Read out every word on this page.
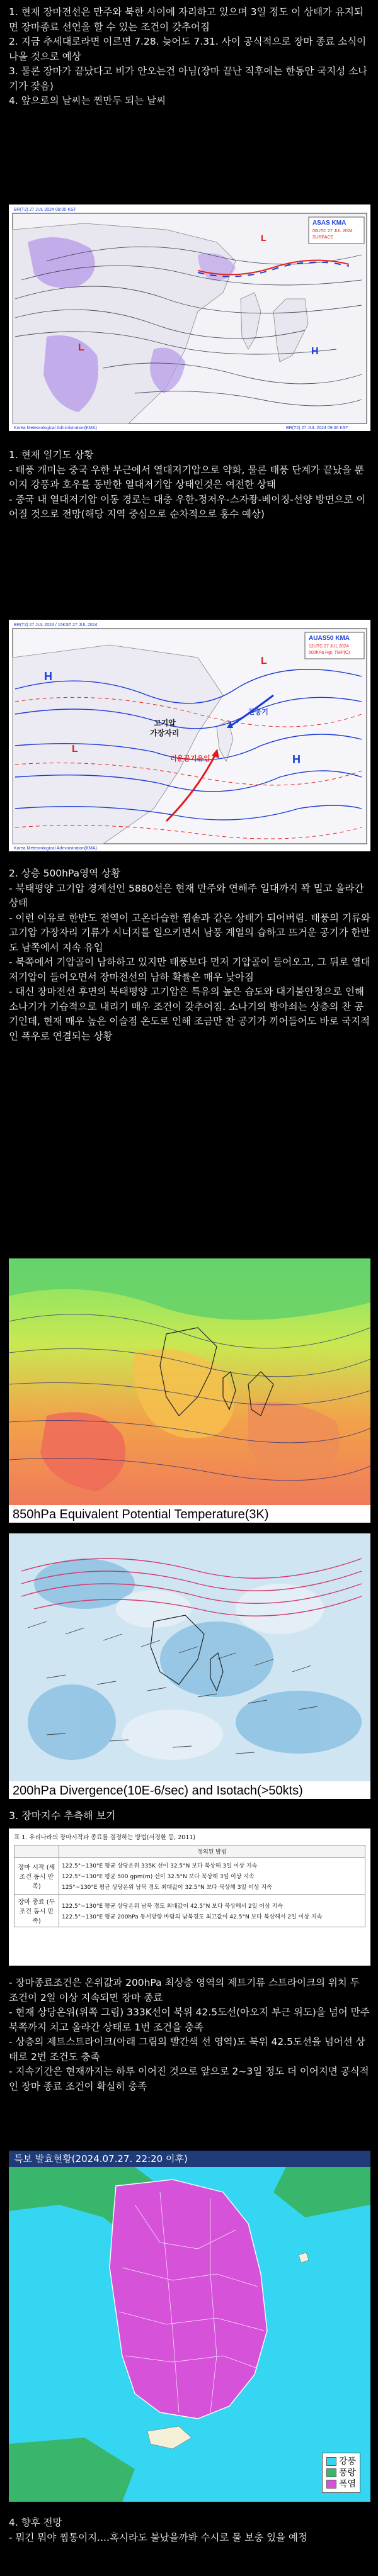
1. 현재 장마전선은 만주와 북한 사이에 자리하고 있으며 3일 정도 이 상태가 유지되면 장마종료 선언을 할 수 있는 조건이 갖추어짐

2. 지금 추세대로라면 이르면 7.28. 늦어도 7.31. 사이 공식적으로 장마 종료 소식이 나올 것으로 예상

3. 물론 장마가 끝났다고 비가 안오는건 아님(장마 끝난 직후에는 한동안 국지성 소나기가 잦음)

4. 앞으로의 날씨는 찐만두 되는 날씨

L	H
L
BR(T2) 27 JUL 2024 09:00 KST
Korea Meteorological Administration(KMA)	BR(T2) 27 JUL 2024 09:00 KST
ASAS KMA
00UTC 27 JUL 2024
SURFACE

1. 현재 일기도 상황

- 태풍 개미는 중국 우한 부근에서 열대저기압으로 약화, 물론 태풍 단계가 끝났을 뿐이지 강풍과 호우를 동반한 열대저기압 상태인것은 여전한 상태

- 중국 내 열대저기압 이동 경로는 대충 우한-정저우-스자좡-베이징-선양 방면으로 이어질 것으로 전망(해당 지역 중심으로 순차적으로 홍수 예상)

고기압
가장자리
더운공기유입
찬공기
H
H
L
L
BR(T2) 27 JUL 2024 / 15KST 27 JUL 2024
Korea Meteorological Administration(KMA)
AUAS50 KMA
12UTC 27 JUL 2024
500hPa Hgt, TMP(C)

2. 상층 500hPa영역 상황

- 북태평양 고기압 경계선인 5880선은 현재 만주와 연해주 일대까지 꽉 밀고 올라간 상태

- 이런 이유로 한반도 전역이 고온다습한 찜솥과 같은 상태가 되어버림. 태풍의 기류와 고기압 가장자리 기류가 시너지를 일으키면서 남풍 계열의 습하고 뜨거운 공기가 한반도 남쪽에서 지속 유입

- 북쪽에서 기압골이 남하하고 있지만 태풍보다 먼저 기압골이 들어오고, 그 뒤로 열대저기압이 들어오면서 장마전선의 남하 확률은 매우 낮아짐

- 대신 장마전선 후면의 북태평양 고기압은 특유의 높은 습도와 대기불안정으로 인해 소나기가 기습적으로 내리기 매우 조건이 갖추어짐. 소나기의 방아쇠는 상층의 찬 공기인데, 현재 매우 높은 이슬점 온도로 인해 조금만 찬 공기가 끼어들어도 바로 국지적인 폭우로 연결되는 상황

850hPa Equivalent Potential Temperature(3K)
200hPa Divergence(10E-6/sec) and Isotach(>50kts)
3. 장마지수 추측해 보기
표 1. 우리나라의 장마시작과 종료를 결정하는 방법(서경환 등, 2011)
	정의된 방법
장마 시작 (세 조건 동시 만족)	122.5°~130°E 평균 상당온위 335K 선이 32.5°N 보다 북상해 3일 이상 지속
122.5°~130°E 평균 500 gpm(m) 선이 32.5°N 보다 북상해 3일 이상 지속
125°~130°E 평균 상당온위 남북 경도 최대값이 32.5°N 보다 북상해 3일 이상 지속

장마 종료 (두 조건 동시 만족)	122.5°~130°E 평균 상당온위 남북 경도 최대값이 42.5°N 보다 북상해서 2일 이상 지속
122.5°~130°E 평균 200hPa 동서방향 바람의 남북경도 최고값이 42.5°N 보다 북상해서 2일 이상 지속

- 장마종료조건은 온위값과 200hPa 최상층 영역의 제트기류 스트라이크의 위치 두 조건이 2일 이상 지속되면 장마 종료

- 현재 상당온위(위쪽 그림) 333K선이 북위 42.5도선(아오지 부근 위도)을 넘어 만주 북쪽까지 치고 올라간 상태로 1번 조건을 충족

- 상층의 제트스트라이크(아래 그림의 빨간색 선 영역)도 북위 42.5도선을 넘어선 상태로 2번 조건도 충족

- 지속기간은 현재까지는 하루 이어진 것으로 앞으로 2~3일 정도 더 이어지면 공식적인 장마 종료 조건이 확실히 충족

특보 발효현황(2024.07.27. 22:20 이후)
강풍
풍랑
폭염

4. 향후 전망

- 뭐긴 뭐야 찜통이지....혹시라도 불났을까봐 수시로 물 보충 있을 예정
